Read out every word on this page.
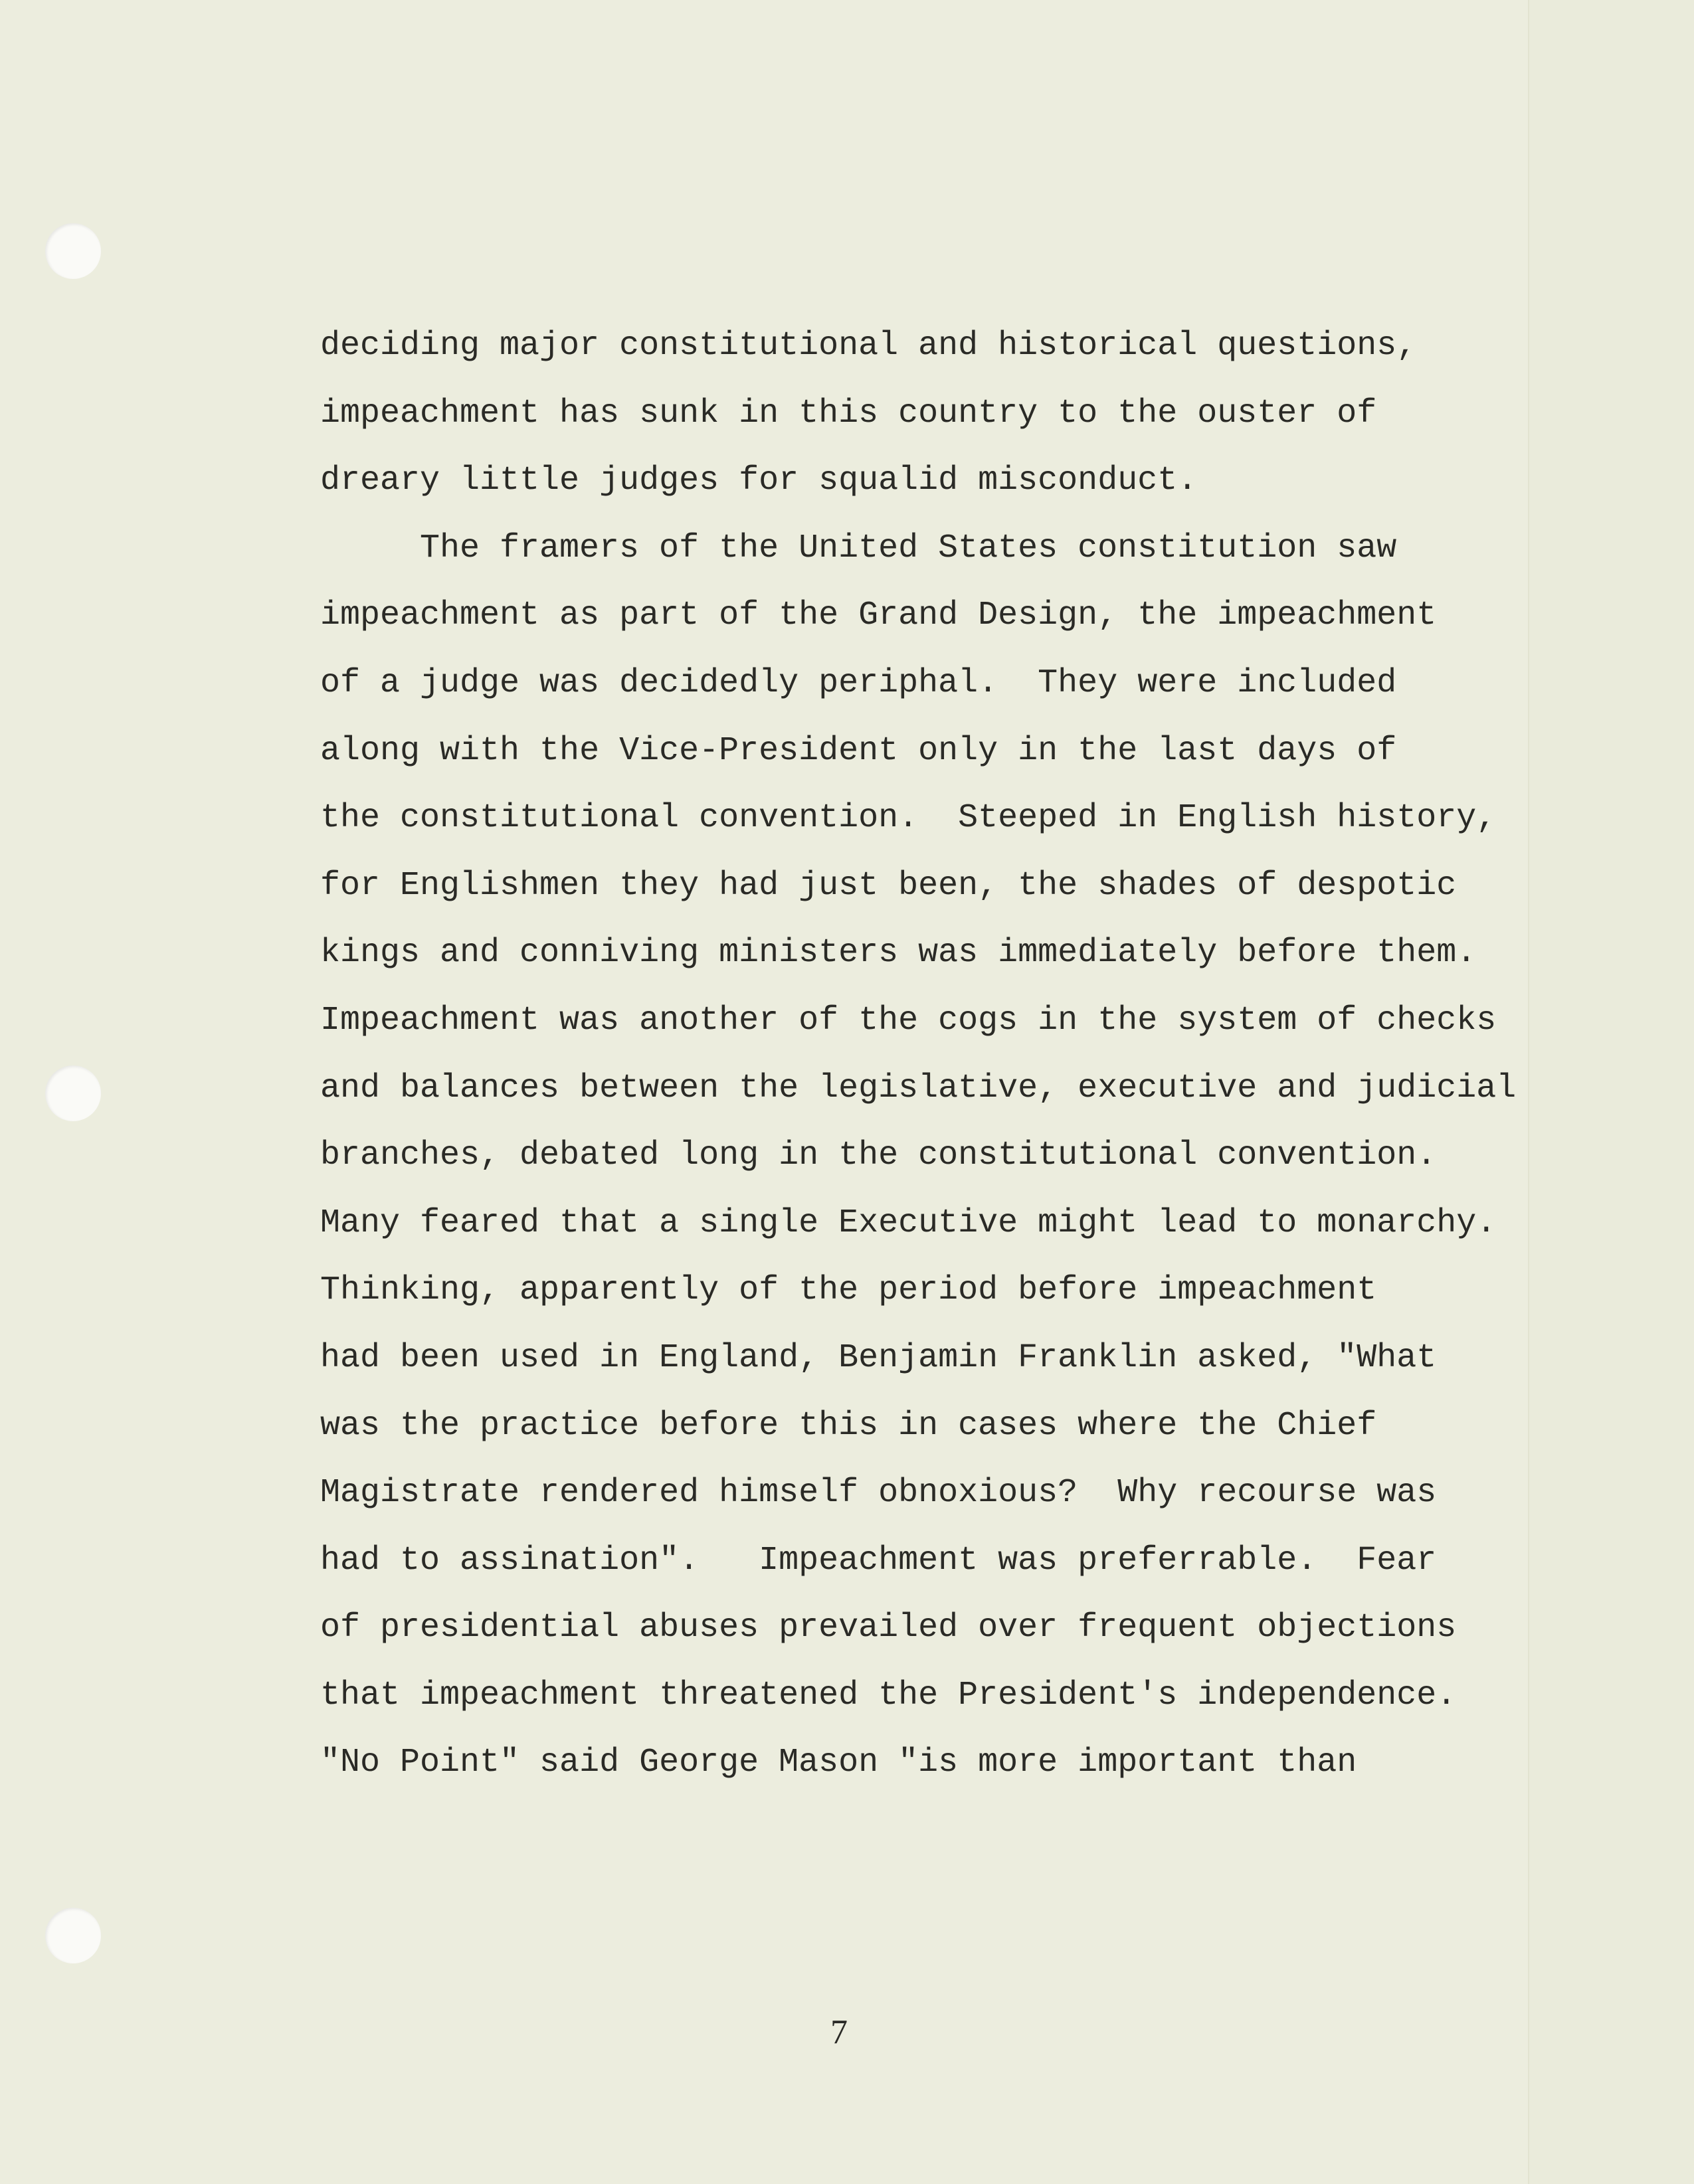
deciding major constitutional and historical questions,
impeachment has sunk in this country to the ouster of
dreary little judges for squalid misconduct.
The framers of the United States constitution saw
impeachment as part of the Grand Design, the impeachment
of a judge was decidedly periphal.  They were included
along with the Vice-President only in the last days of
the constitutional convention.  Steeped in English history,
for Englishmen they had just been, the shades of despotic
kings and conniving ministers was immediately before them.
Impeachment was another of the cogs in the system of checks
and balances between the legislative, executive and judicial
branches, debated long in the constitutional convention.
Many feared that a single Executive might lead to monarchy.
Thinking, apparently of the period before impeachment
had been used in England, Benjamin Franklin asked, "What
was the practice before this in cases where the Chief
Magistrate rendered himself obnoxious?  Why recourse was
had to assination".   Impeachment was preferrable.  Fear
of presidential abuses prevailed over frequent objections
that impeachment threatened the President's independence.
"No Point" said George Mason "is more important than
7
